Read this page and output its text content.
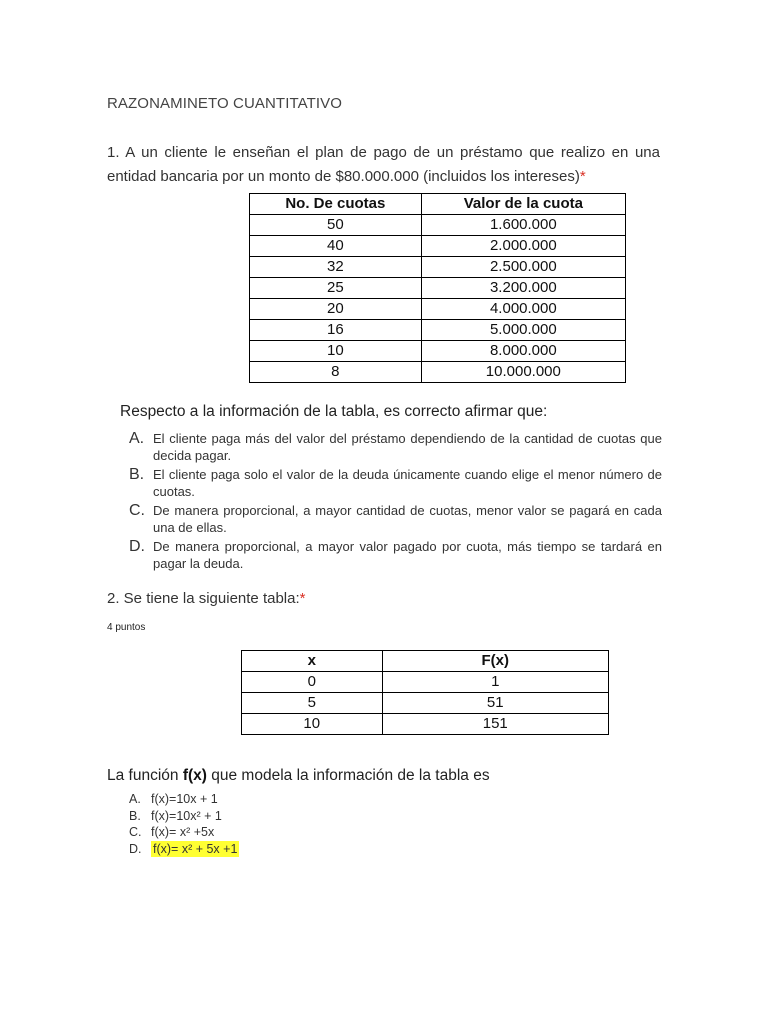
RAZONAMINETO CUANTITATIVO
1. A un cliente le enseñan el plan de pago de un préstamo que realizo en una entidad bancaria por un monto de $80.000.000 (incluidos los intereses)*
No. De cuotas	Valor de la cuota
50	1.600.000
40	2.000.000
32	2.500.000
25	3.200.000
20	4.000.000
16	5.000.000
10	8.000.000
8	10.000.000
Respecto a la información de la tabla, es correcto afirmar que:
A. El cliente paga más del valor del préstamo dependiendo de la cantidad de cuotas que decida pagar.
B. El cliente paga solo el valor de la deuda únicamente cuando elige el menor número de cuotas.
C. De manera proporcional, a mayor cantidad de cuotas, menor valor se pagará en cada una de ellas.
D. De manera proporcional, a mayor valor pagado por cuota, más tiempo se tardará en pagar la deuda.
2. Se tiene la siguiente tabla:*
4 puntos
x	F(x)
0	1
5	51
10	151
La función f(x) que modela la información de la tabla es
A. f(x)=10x + 1
B. f(x)=10x² + 1
C. f(x)= x² +5x
D. f(x)= x² + 5x +1
